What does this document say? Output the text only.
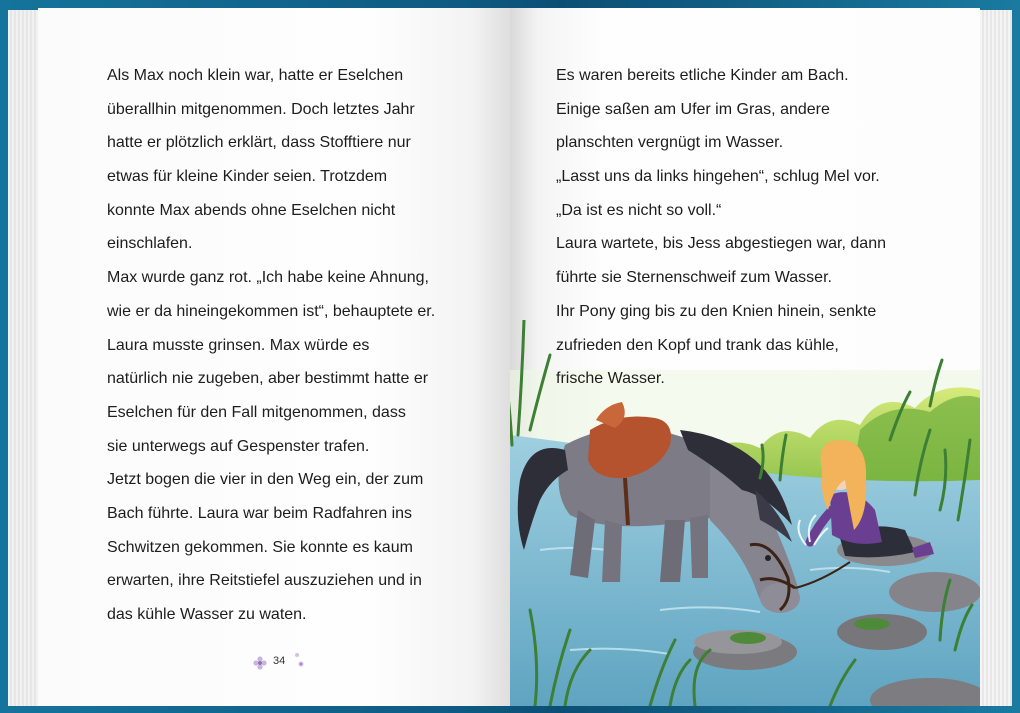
Als Max noch klein war, hatte er Eselchen
überallhin mitgenommen. Doch letztes Jahr
hatte er plötzlich erklärt, dass Stofftiere nur
etwas für kleine Kinder seien. Trotzdem
konnte Max abends ohne Eselchen nicht
einschlafen.
Max wurde ganz rot. „Ich habe keine Ahnung,
wie er da hineingekommen ist“, behauptete er.
Laura musste grinsen. Max würde es
natürlich nie zugeben, aber bestimmt hatte er
Eselchen für den Fall mitgenommen, dass
sie unterwegs auf Gespenster trafen.
Jetzt bogen die vier in den Weg ein, der zum
Bach führte. Laura war beim Radfahren ins
Schwitzen gekommen. Sie konnte es kaum
erwarten, ihre Reitstiefel auszuziehen und in
das kühle Wasser zu waten.
34
Es waren bereits etliche Kinder am Bach.
Einige saßen am Ufer im Gras, andere
planschten vergnügt im Wasser.
„Lasst uns da links hingehen“, schlug Mel vor.
„Da ist es nicht so voll.“
Laura wartete, bis Jess abgestiegen war, dann
führte sie Sternenschweif zum Wasser.
Ihr Pony ging bis zu den Knien hinein, senkte
zufrieden den Kopf und trank das kühle,
frische Wasser.
